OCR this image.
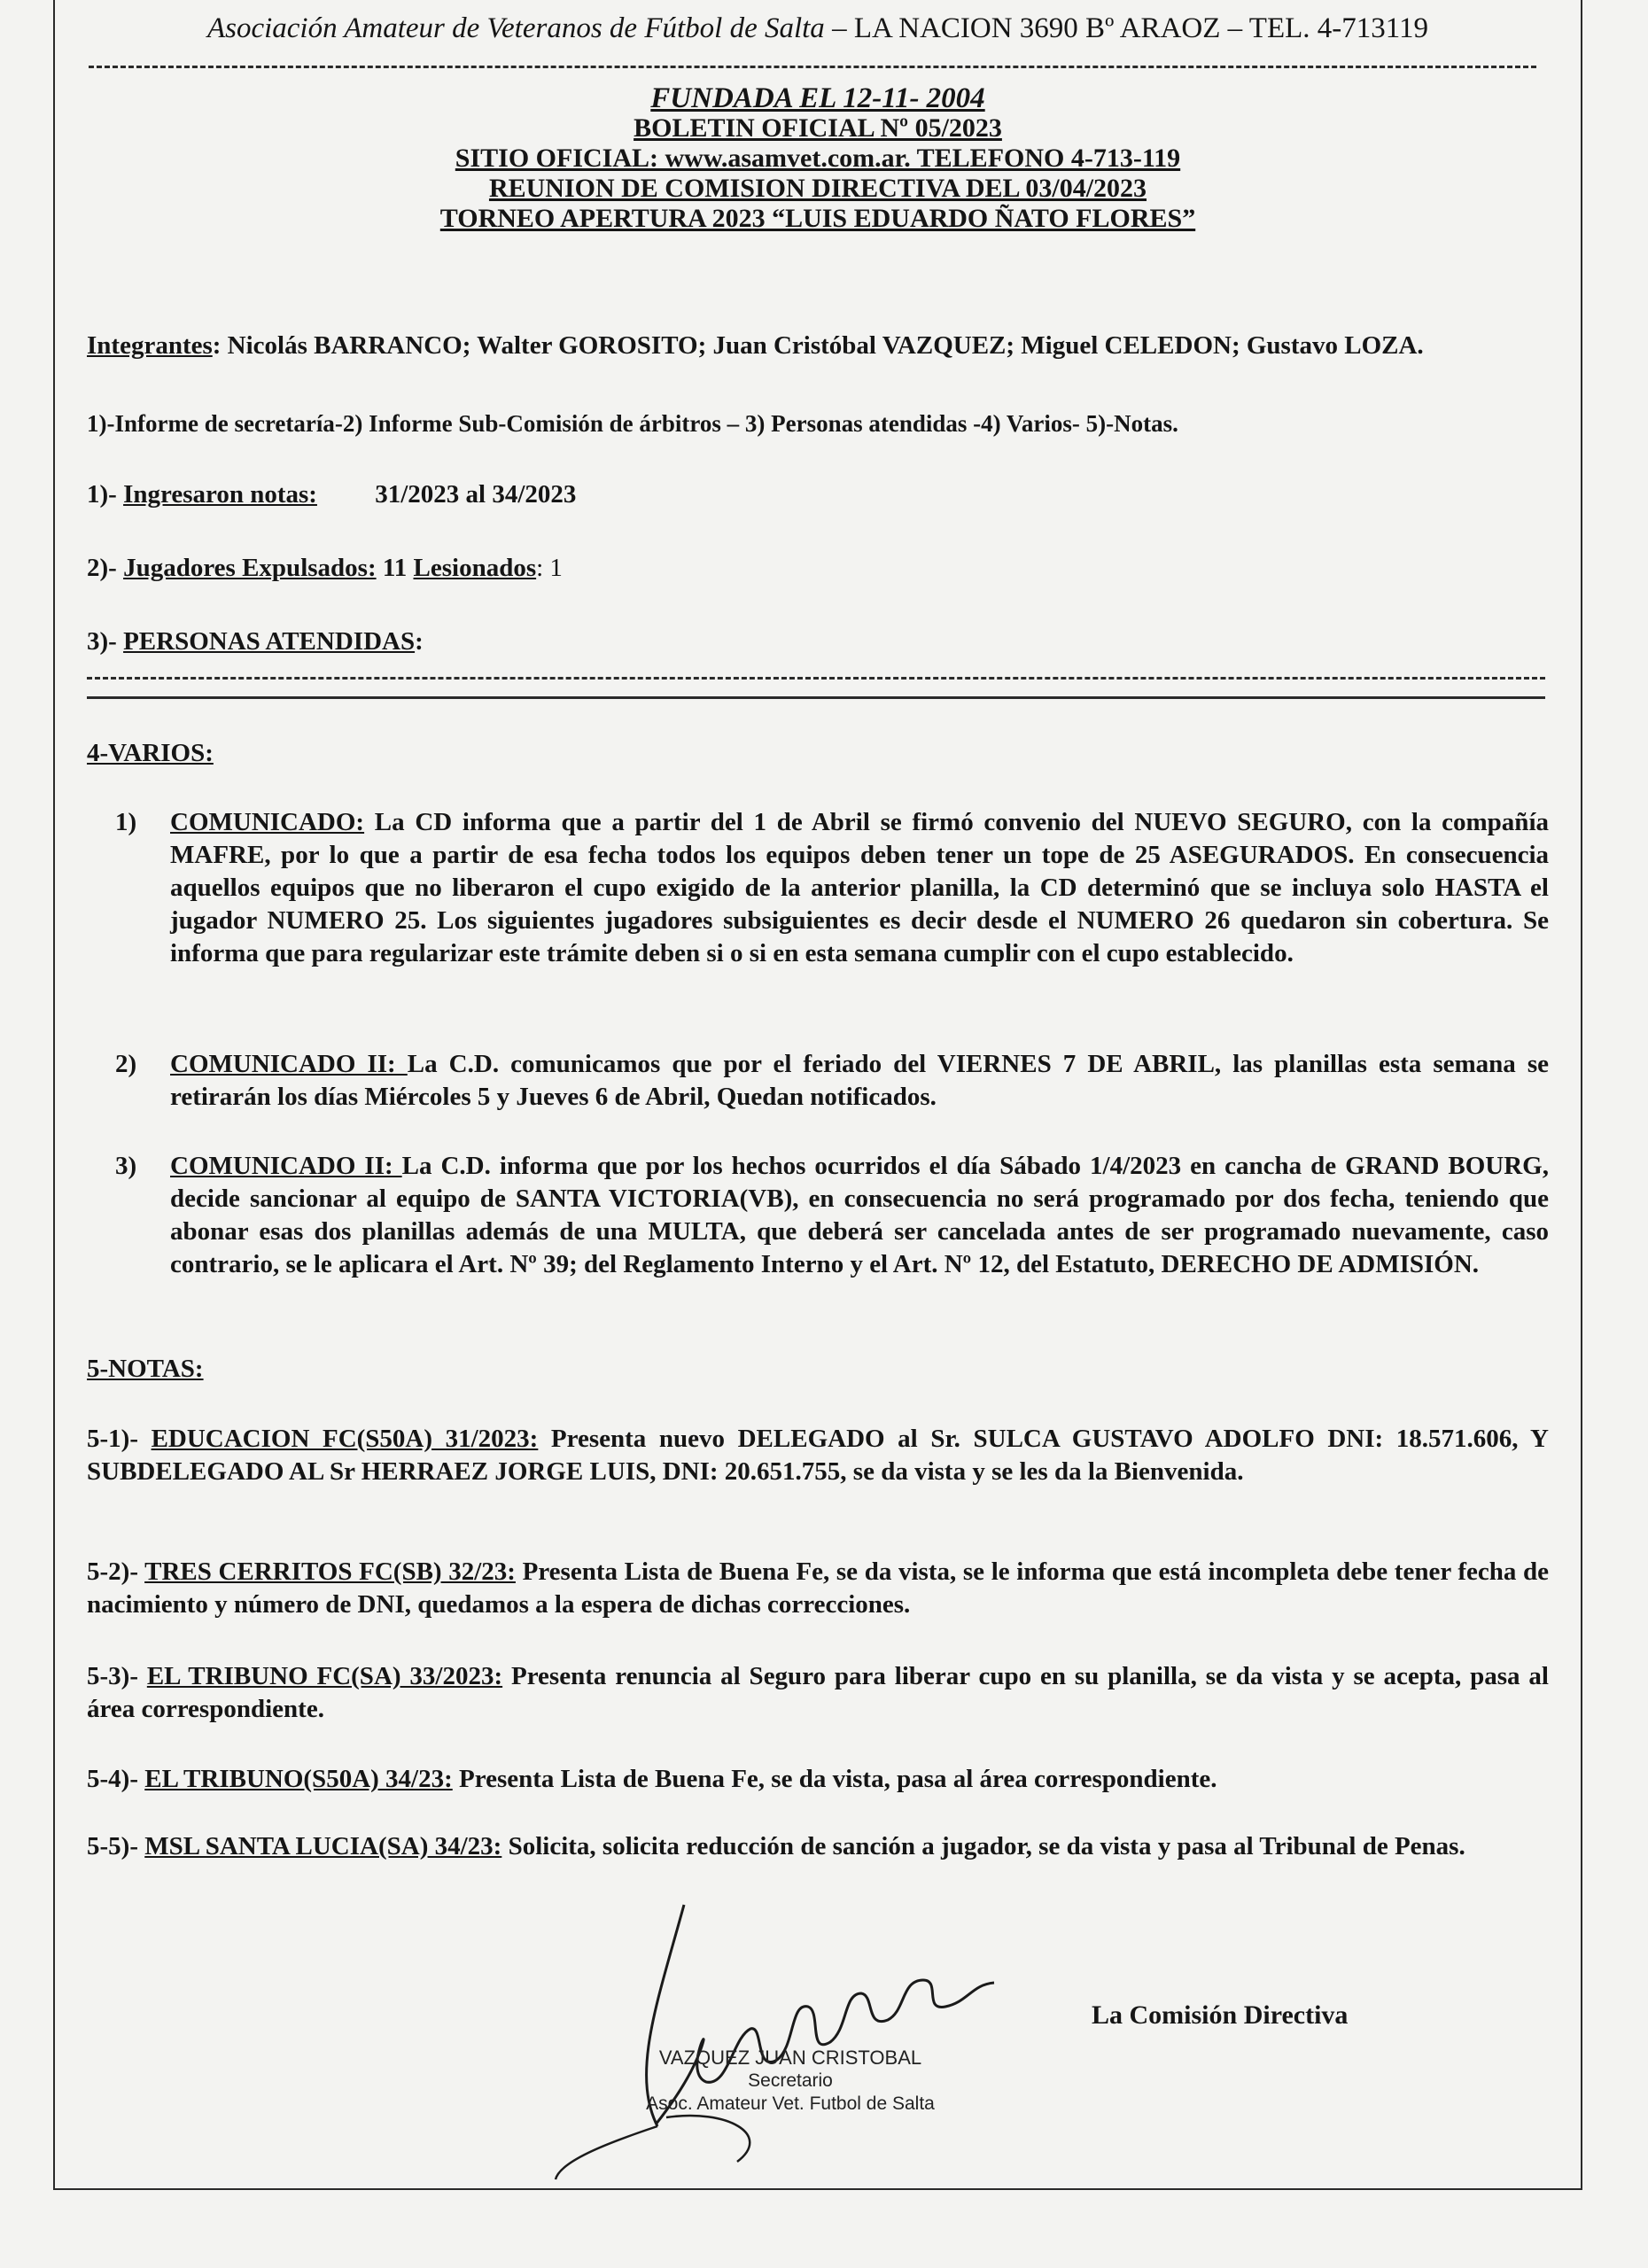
Asociación Amateur de Veteranos de Fútbol de Salta – LA NACION 3690 Bº ARAOZ – TEL. 4-713119
FUNDADA EL 12-11- 2004
BOLETIN OFICIAL Nº 05/2023
SITIO OFICIAL: www.asamvet.com.ar. TELEFONO 4-713-119
REUNION DE COMISION DIRECTIVA DEL 03/04/2023
TORNEO APERTURA 2023 “LUIS EDUARDO ÑATO FLORES”
Integrantes: Nicolás BARRANCO; Walter GOROSITO; Juan Cristóbal VAZQUEZ; Miguel CELEDON; Gustavo LOZA.
1)-Informe de secretaría-2) Informe Sub-Comisión de árbitros – 3) Personas atendidas -4) Varios- 5)-Notas.
1)- Ingresaron notas: 31/2023 al 34/2023
2)- Jugadores Expulsados: 11 Lesionados: 1
3)- PERSONAS ATENDIDAS:
4-VARIOS:
1) COMUNICADO: La CD informa que a partir del 1 de Abril se firmó convenio del NUEVO SEGURO, con la compañía MAFRE, por lo que a partir de esa fecha todos los equipos deben tener un tope de 25 ASEGURADOS. En consecuencia aquellos equipos que no liberaron el cupo exigido de la anterior planilla, la CD determinó que se incluya solo HASTA el jugador NUMERO 25. Los siguientes jugadores subsiguientes es decir desde el NUMERO 26 quedaron sin cobertura. Se informa que para regularizar este trámite deben si o si en esta semana cumplir con el cupo establecido.
2) COMUNICADO II: La C.D. comunicamos que por el feriado del VIERNES 7 DE ABRIL, las planillas esta semana se retirarán los días Miércoles 5 y Jueves 6 de Abril, Quedan notificados.
3) COMUNICADO II: La C.D. informa que por los hechos ocurridos el día Sábado 1/4/2023 en cancha de GRAND BOURG, decide sancionar al equipo de SANTA VICTORIA(VB), en consecuencia no será programado por dos fecha, teniendo que abonar esas dos planillas además de una MULTA, que deberá ser cancelada antes de ser programado nuevamente, caso contrario, se le aplicara el Art. Nº 39; del Reglamento Interno y el Art. Nº 12, del Estatuto, DERECHO DE ADMISIÓN.
5-NOTAS:
5-1)- EDUCACION FC(S50A) 31/2023: Presenta nuevo DELEGADO al Sr. SULCA GUSTAVO ADOLFO DNI: 18.571.606, Y SUBDELEGADO AL Sr HERRAEZ JORGE LUIS, DNI: 20.651.755, se da vista y se les da la Bienvenida.
5-2)- TRES CERRITOS FC(SB) 32/23: Presenta Lista de Buena Fe, se da vista, se le informa que está incompleta debe tener fecha de nacimiento y número de DNI, quedamos a la espera de dichas correcciones.
5-3)- EL TRIBUNO FC(SA) 33/2023: Presenta renuncia al Seguro para liberar cupo en su planilla, se da vista y se acepta, pasa al área correspondiente.
5-4)- EL TRIBUNO(S50A) 34/23: Presenta Lista de Buena Fe, se da vista, pasa al área correspondiente.
5-5)- MSL SANTA LUCIA(SA) 34/23: Solicita, solicita reducción de sanción a jugador, se da vista y pasa al Tribunal de Penas.
La Comisión Directiva
VAZQUEZ JUAN CRISTOBAL
Secretario
Asoc. Amateur Vet. Futbol de Salta
